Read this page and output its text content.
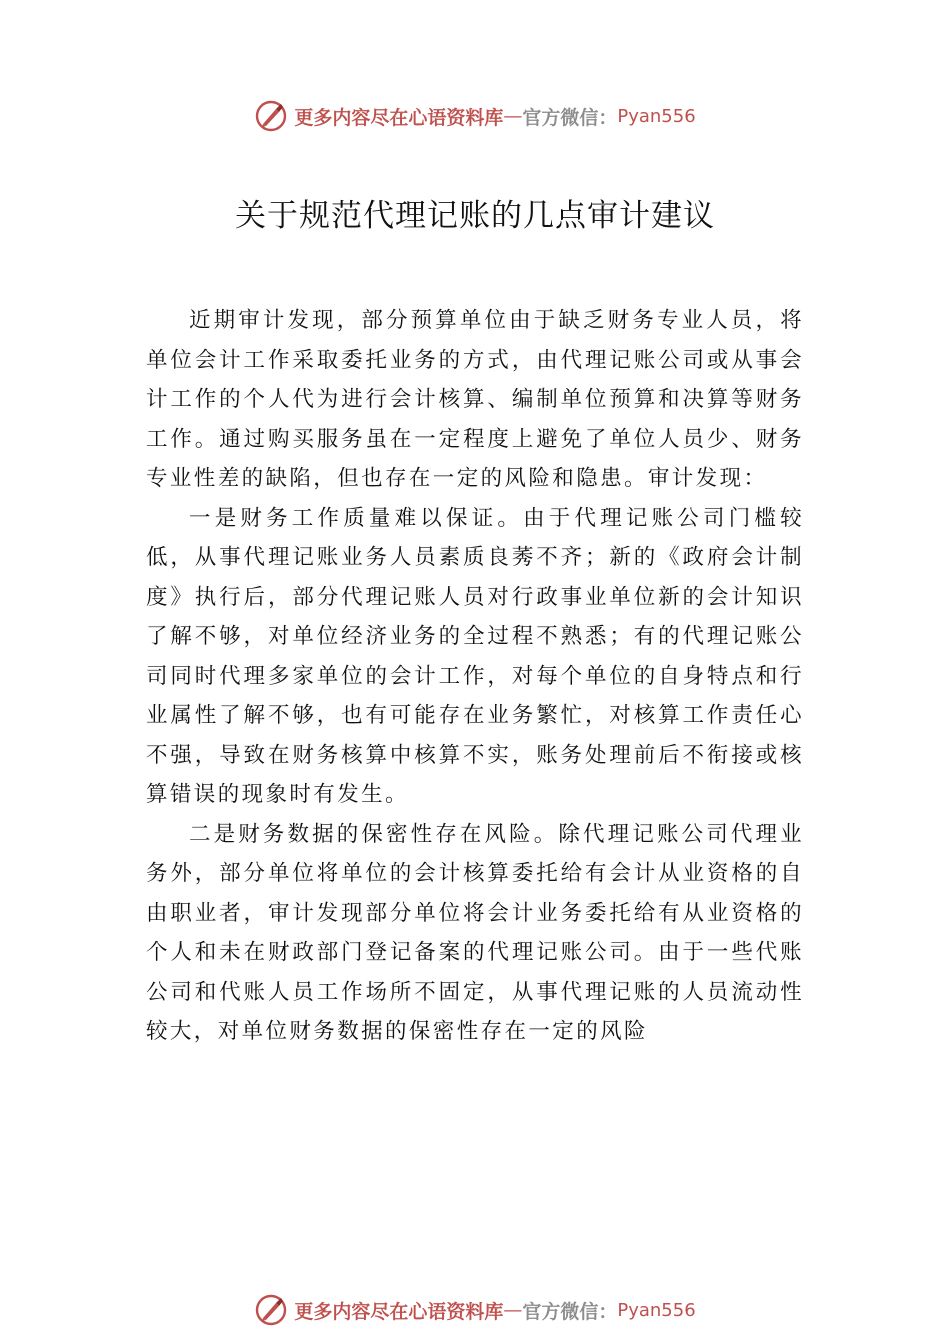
更多内容尽在心语资料库 — 官方微信： Pyan556
关于规范代理记账的几点审计建议

近期审计发现，部分预算单位由于缺乏财务专业人员，将单位会计工作采取委托业务的方式，由代理记账公司或从事会计工作的个人代为进行会计核算、编制单位预算和决算等财务工作。通过购买服务虽在一定程度上避免了单位人员少、财务专业性差的缺陷，但也存在一定的风险和隐患。审计发现：

一是财务工作质量难以保证。由于代理记账公司门槛较低，从事代理记账业务人员素质良莠不齐；新的《政府会计制度》执行后，部分代理记账人员对行政事业单位新的会计知识了解不够，对单位经济业务的全过程不熟悉；有的代理记账公司同时代理多家单位的会计工作，对每个单位的自身特点和行业属性了解不够，也有可能存在业务繁忙，对核算工作责任心不强，导致在财务核算中核算不实，账务处理前后不衔接或核算错误的现象时有发生。

二是财务数据的保密性存在风险。除代理记账公司代理业务外，部分单位将单位的会计核算委托给有会计从业资格的自由职业者，审计发现部分单位将会计业务委托给有从业资格的个人和未在财政部门登记备案的代理记账公司。由于一些代账公司和代账人员工作场所不固定，从事代理记账的人员流动性较大，对单位财务数据的保密性存在一定的风险

更多内容尽在心语资料库 — 官方微信： Pyan556
